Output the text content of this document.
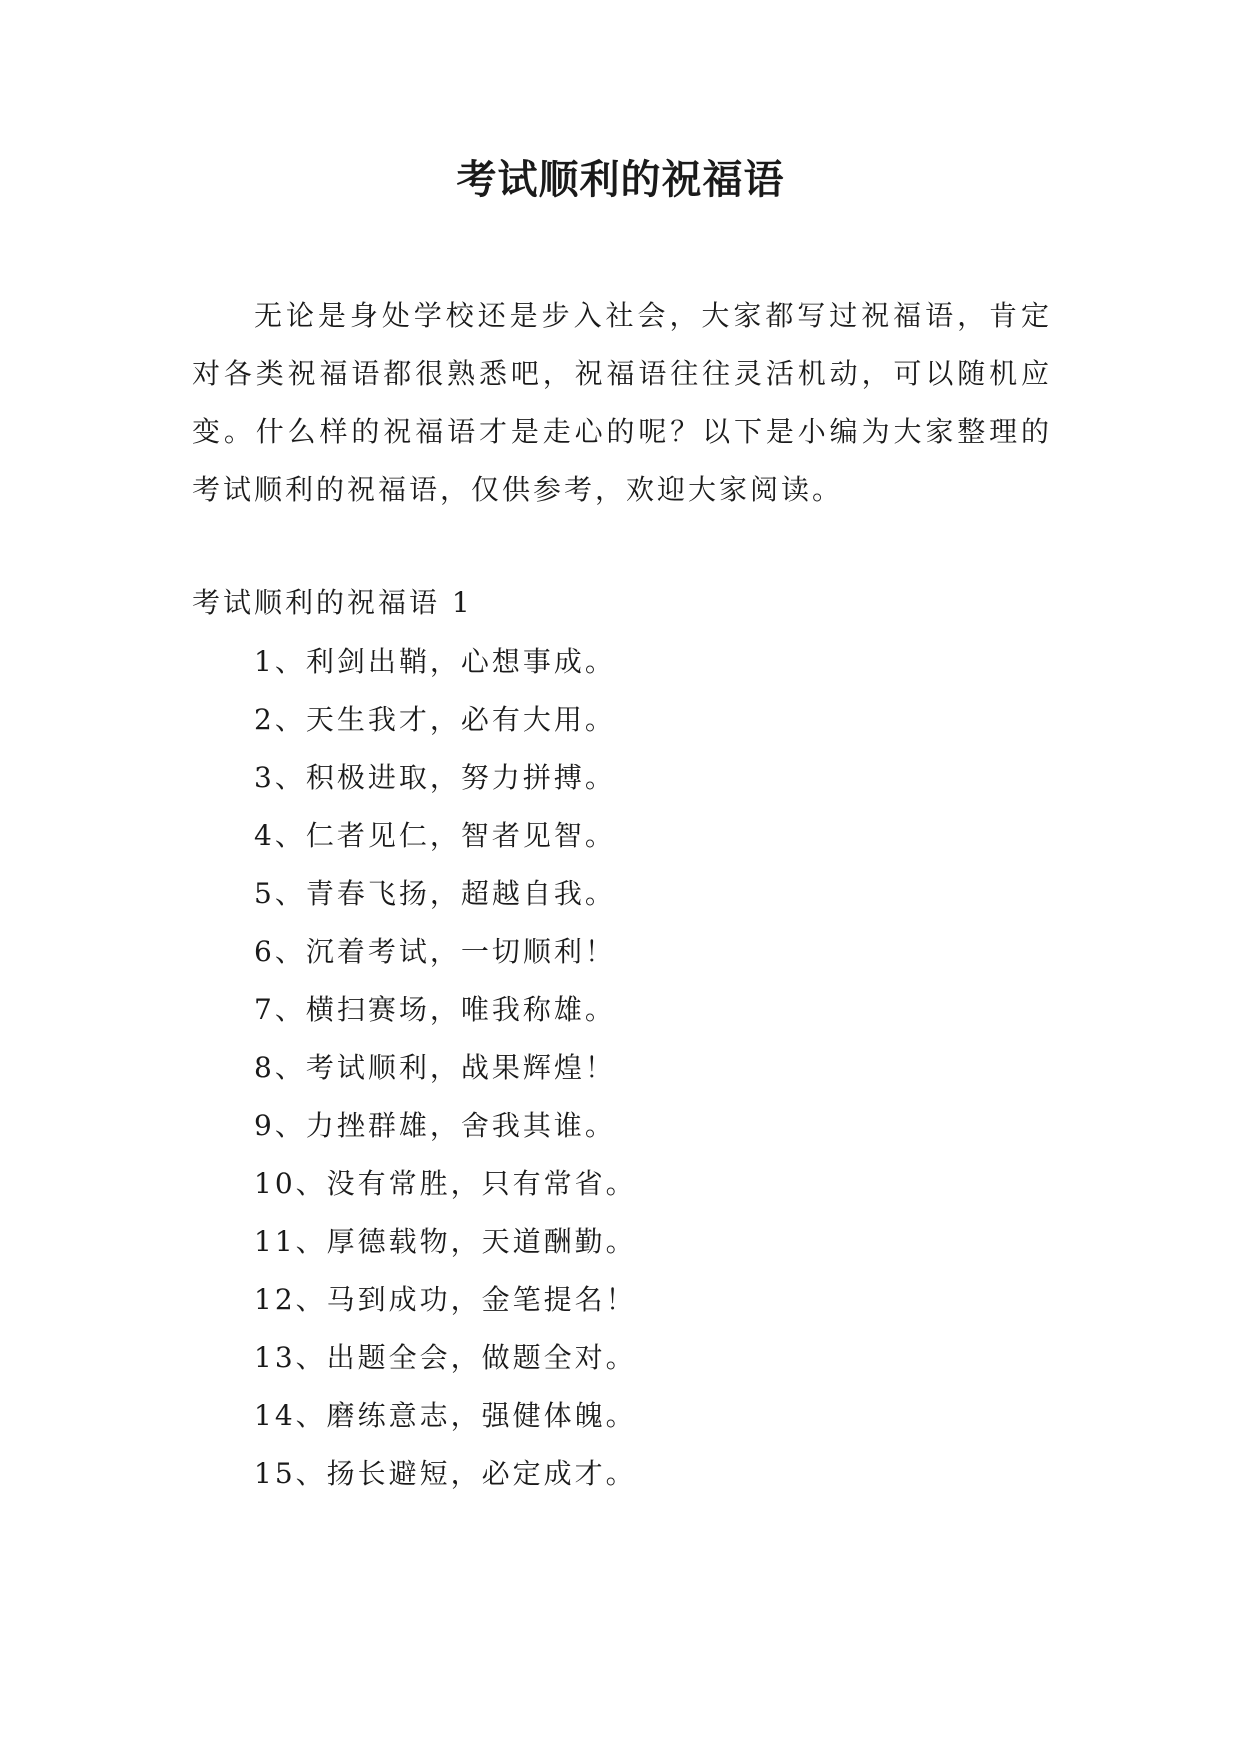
考试顺利的祝福语

无论是身处学校还是步入社会，大家都写过祝福语，肯定对各类祝福语都很熟悉吧，祝福语往往灵活机动，可以随机应变。什么样的祝福语才是走心的呢？以下是小编为大家整理的考试顺利的祝福语，仅供参考，欢迎大家阅读。

考试顺利的祝福语 1
1、利剑出鞘，心想事成。
2、天生我才，必有大用。
3、积极进取，努力拼搏。
4、仁者见仁，智者见智。
5、青春飞扬，超越自我。
6、沉着考试，一切顺利！
7、横扫赛场，唯我称雄。
8、考试顺利，战果辉煌！
9、力挫群雄，舍我其谁。
10、没有常胜，只有常省。
11、厚德载物，天道酬勤。
12、马到成功，金笔提名！
13、出题全会，做题全对。
14、磨练意志，强健体魄。
15、扬长避短，必定成才。
